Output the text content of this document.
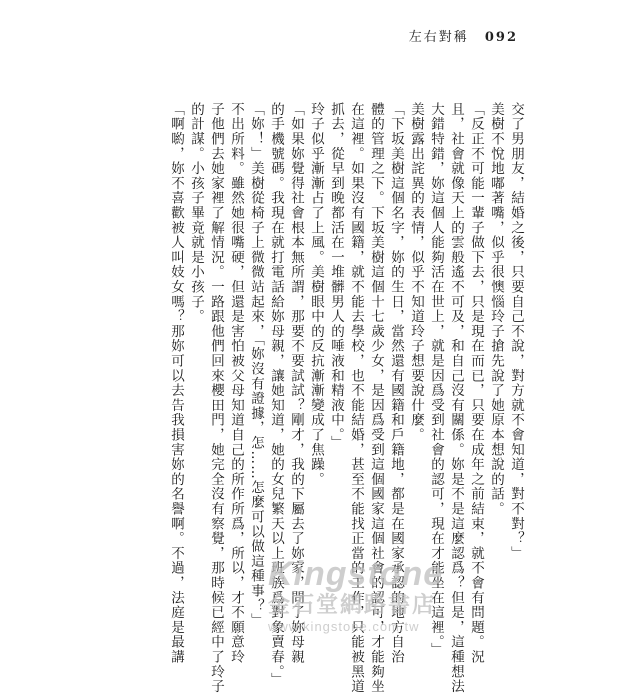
左右對稱 092
交了男朋友，結婚之後，只要自己不說，對方就不會知道，對不對？」
美樹不悅地嘟著嘴，似乎很懊惱玲子搶先說了她原本想說的話。
「反正不可能一輩子做下去，只是現在而已，只要在成年之前結束，就不會有問題。況
且，社會就像天上的雲般遙不可及，和自己沒有關係。妳是不是這麼認爲？但是，這種想法
大錯特錯，妳這個人能夠活在世上，就是因爲受到社會的認可，現在才能坐在這裡。」
美樹露出詫異的表情，似乎不知道玲子想要說什麼。
「下坂美樹這個名字，妳的生日，當然還有國籍和戶籍地，都是在國家承認的地方自治
體的管理之下。下坂美樹這個十七歲少女，是因爲受到這個國家這個社會的認可，才能夠坐
在這裡。如果沒有國籍，就不能去學校，也不能結婚，甚至不能找正當的工作，只能被黑道
抓去，從早到晚都活在一堆髒男人的唾液和精液中。」
玲子似乎漸漸占了上風。美樹眼中的反抗漸漸變成了焦躁。
「如果妳覺得社會根本無所謂，那要不要試試？剛才，我的下屬去了妳家，問了妳母親
的手機號碼。我現在就打電話給妳母親，讓她知道，她的女兒繁天以上班族爲對象賣春。」
「妳！」美樹從椅子上微微站起來，「妳沒有證據，怎……怎麼可以做這種事？」
不出所料。雖然她很嘴硬，但還是害怕被父母知道自己的所作所爲，所以，才不願意玲
子他們去她家裡了解情況。一路跟他們回來櫻田門，她完全沒有察覺，那時候已經中了玲子
的計謀。小孩子畢竟就是小孩子。
「啊喲，妳不喜歡被人叫妓女嗎？那妳可以去告我損害妳的名譽啊。不過，法庭是最講 Kingstone
金石堂網路書店
www.kingstone.com.tw
